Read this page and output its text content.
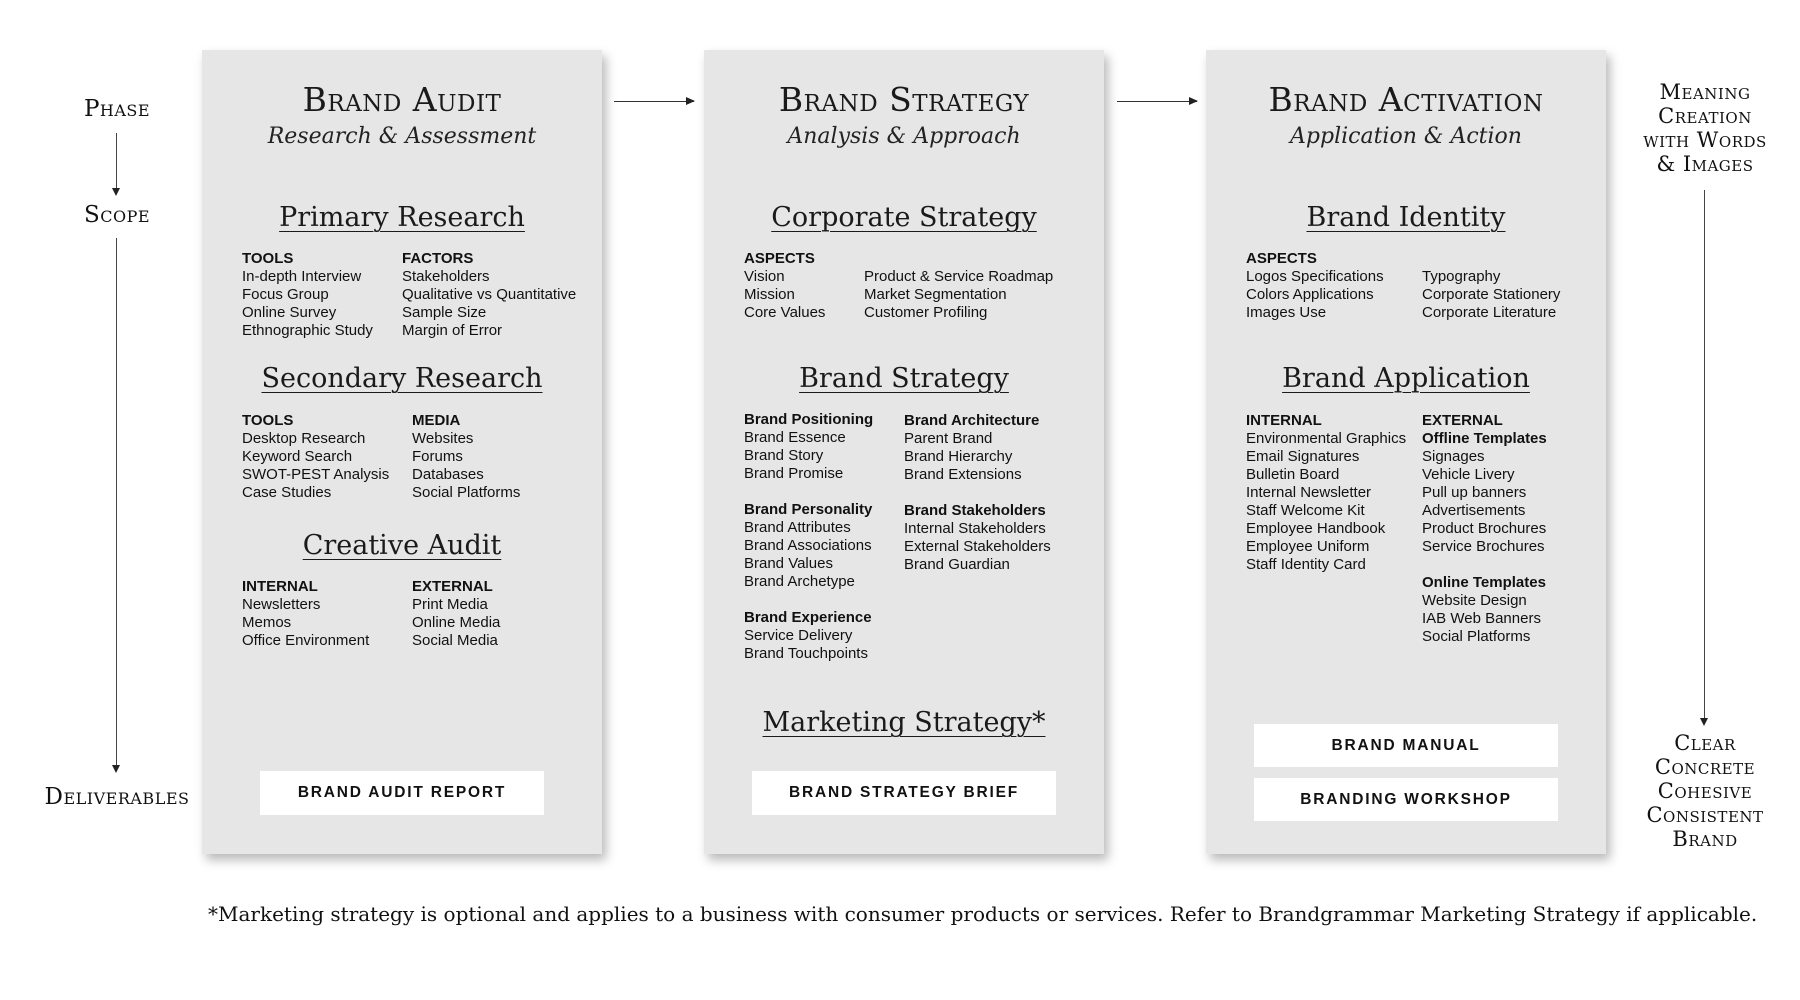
Phase
Scope
Deliverables
Brand Audit
Research & Assessment
Primary Research
TOOLS
In-depth Interview
Focus Group
Online Survey
Ethnographic Study
FACTORS
Stakeholders
Qualitative vs Quantitative
Sample Size
Margin of Error
Secondary Research
TOOLS
Desktop Research
Keyword Search
SWOT-PEST Analysis
Case Studies
MEDIA
Websites
Forums
Databases
Social Platforms
Creative Audit
INTERNAL
Newsletters
Memos
Office Environment
EXTERNAL
Print Media
Online Media
Social Media
BRAND AUDIT REPORT
Brand Strategy
Analysis & Approach
Corporate Strategy
ASPECTS
Vision
Mission
Core Values
Product & Service Roadmap
Market Segmentation
Customer Profiling
Brand Strategy
Brand Positioning
Brand Essence
Brand Story
Brand Promise
Brand Personality
Brand Attributes
Brand Associations
Brand Values
Brand Archetype
Brand Experience
Service Delivery
Brand Touchpoints
Brand Architecture
Parent Brand
Brand Hierarchy
Brand Extensions
Brand Stakeholders
Internal Stakeholders
External Stakeholders
Brand Guardian
Marketing Strategy*
BRAND STRATEGY BRIEF
Brand Activation
Application & Action
Brand Identity
ASPECTS
Logos Specifications
Colors Applications
Images Use
Typography
Corporate Stationery
Corporate Literature
Brand Application
INTERNAL
Environmental Graphics
Email Signatures
Bulletin Board
Internal Newsletter
Staff Welcome Kit
Employee Handbook
Employee Uniform
Staff Identity Card
EXTERNAL
Offline Templates
Signages
Vehicle Livery
Pull up banners
Advertisements
Product Brochures
Service Brochures
Online Templates
Website Design
IAB Web Banners
Social Platforms
BRAND MANUAL
BRANDING WORKSHOP
Meaning
Creation
with Words
& Images
Clear
Concrete
Cohesive
Consistent
Brand
*Marketing strategy is optional and applies to a business with consumer products or services. Refer to Brandgrammar Marketing Strategy if applicable.
